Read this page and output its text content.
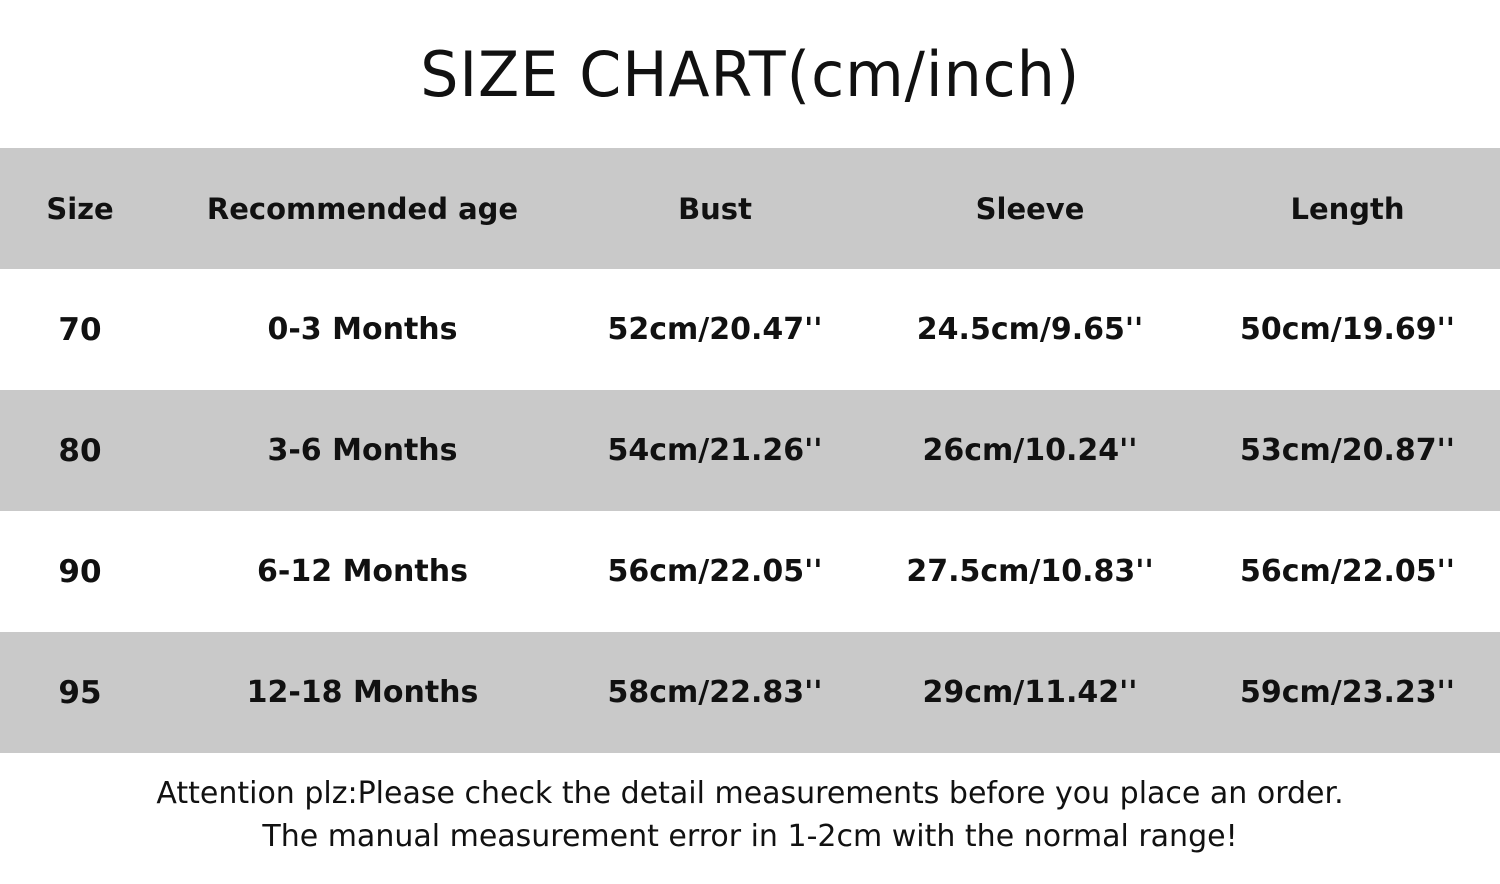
SIZE CHART(cm/inch)
Size	Recommended age	Bust	Sleeve	Length
70	0-3 Months	52cm/20.47''	24.5cm/9.65''	50cm/19.69''
80	3-6 Months	54cm/21.26''	26cm/10.24''	53cm/20.87''
90	6-12 Months	56cm/22.05''	27.5cm/10.83''	56cm/22.05''
95	12-18 Months	58cm/22.83''	29cm/11.42''	59cm/23.23''
Attention plz:Please check the detail measurements before you place an order.
The manual measurement error in 1-2cm with the normal range!
